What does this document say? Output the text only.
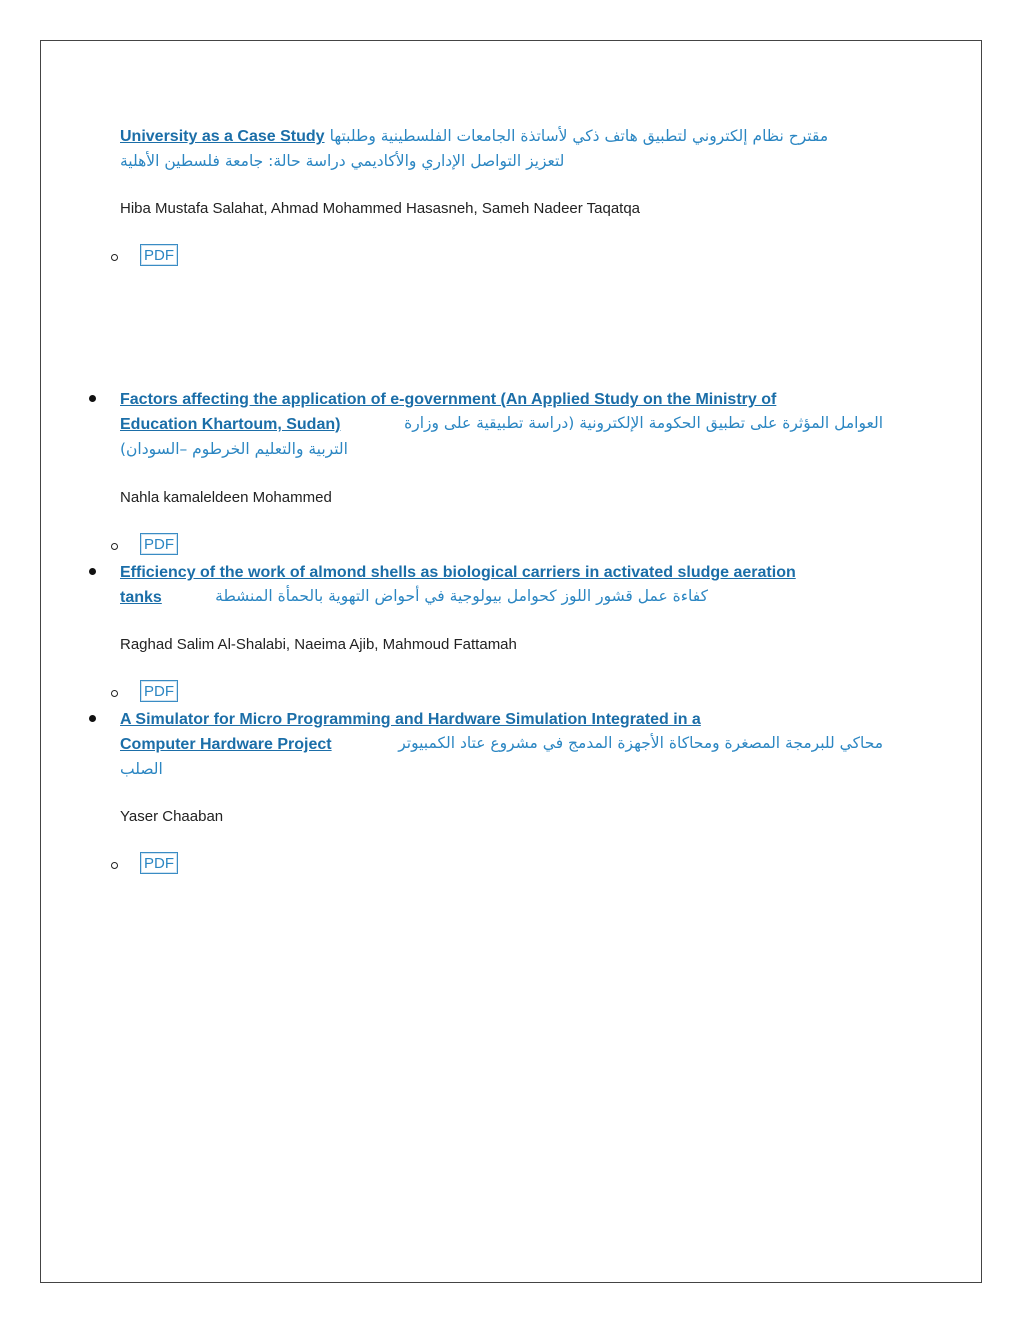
University as a Case Study مقترح نظام إلكتروني لتطبيق هاتف ذكي لأساتذة الجامعات الفلسطينية وطلبتها
لتعزيز التواصل الإداري والأكاديمي دراسة حالة: جامعة فلسطين الأهلية
Hiba Mustafa Salahat, Ahmad Mohammed Hasasneh, Sameh Nadeer Taqatqa
PDF
Factors affecting the application of e-government (An Applied Study on the Ministry of
Education Khartoum, Sudan)	العوامل المؤثرة على تطبيق الحكومة الإلكترونية (دراسة تطبيقية على وزارة
التربية والتعليم الخرطوم –السودان)
Nahla kamaleldeen Mohammed
PDF
Efficiency of the work of almond shells as biological carriers in activated sludge aeration
tanks	كفاءة عمل قشور اللوز كحوامل بيولوجية في أحواض التهوية بالحمأة المنشطة
Raghad Salim Al-Shalabi, Naeima Ajib, Mahmoud Fattamah
PDF
A Simulator for Micro Programming and Hardware Simulation Integrated in a
Computer Hardware Project	محاكي للبرمجة المصغرة ومحاكاة الأجهزة المدمج في مشروع عتاد الكمبيوتر
الصلب
Yaser Chaaban
PDF
